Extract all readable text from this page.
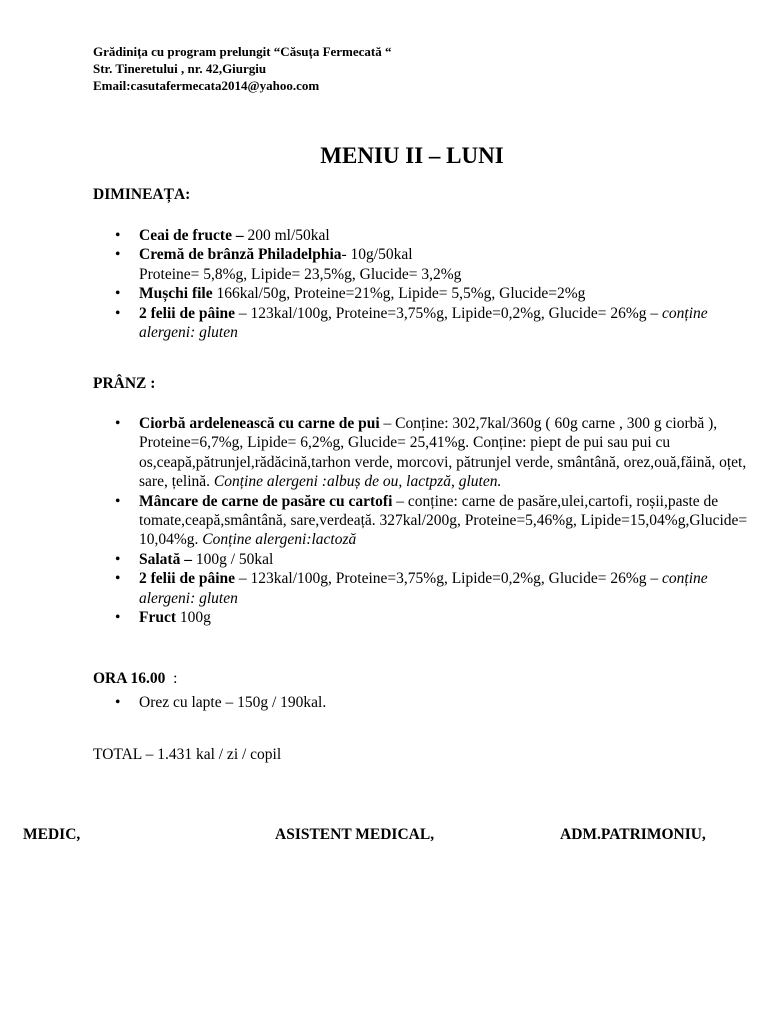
Grădinița cu program prelungit “Căsuța Fermecată “
Str. Tineretului , nr. 42,Giurgiu
Email:casutafermecata2014@yahoo.com
MENIU II – LUNI
DIMINEAȚA:
•	Ceai de fructe – 200 ml/50kal
•	Cremă de brânză Philadelphia- 10g/50kal
Proteine= 5,8%g, Lipide= 23,5%g, Glucide= 3,2%g
•	Mușchi file 166kal/50g, Proteine=21%g, Lipide= 5,5%g, Glucide=2%g
•	2 felii de pâine – 123kal/100g, Proteine=3,75%g, Lipide=0,2%g, Glucide= 26%g – conține alergeni: gluten
PRÂNZ :
•	Ciorbă ardelenească cu carne de pui – Conține: 302,7kal/360g ( 60g carne , 300 g ciorbă ), Proteine=6,7%g, Lipide= 6,2%g, Glucide= 25,41%g. Conține: piept de pui sau pui cu os,ceapă,pătrunjel,rădăcină,tarhon verde, morcovi, pătrunjel verde, smântână, orez,ouă,făină, oțet, sare, țelină. Conține alergeni :albuș de ou, lactpză, gluten.
•	Mâncare de carne de pasăre cu cartofi – conține: carne de pasăre,ulei,cartofi, roșii,paste de tomate,ceapă,smântână, sare,verdeață. 327kal/200g, Proteine=5,46%g, Lipide=15,04%g,Glucide= 10,04%g. Conține alergeni:lactoză
•	Salată – 100g / 50kal
•	2 felii de pâine – 123kal/100g, Proteine=3,75%g, Lipide=0,2%g, Glucide= 26%g – conține alergeni: gluten
•	Fruct 100g
ORA 16.00  :
•	Orez cu lapte – 150g / 190kal.
TOTAL – 1.431 kal / zi / copil
MEDIC,	ASISTENT MEDICAL,	ADM.PATRIMONIU,
